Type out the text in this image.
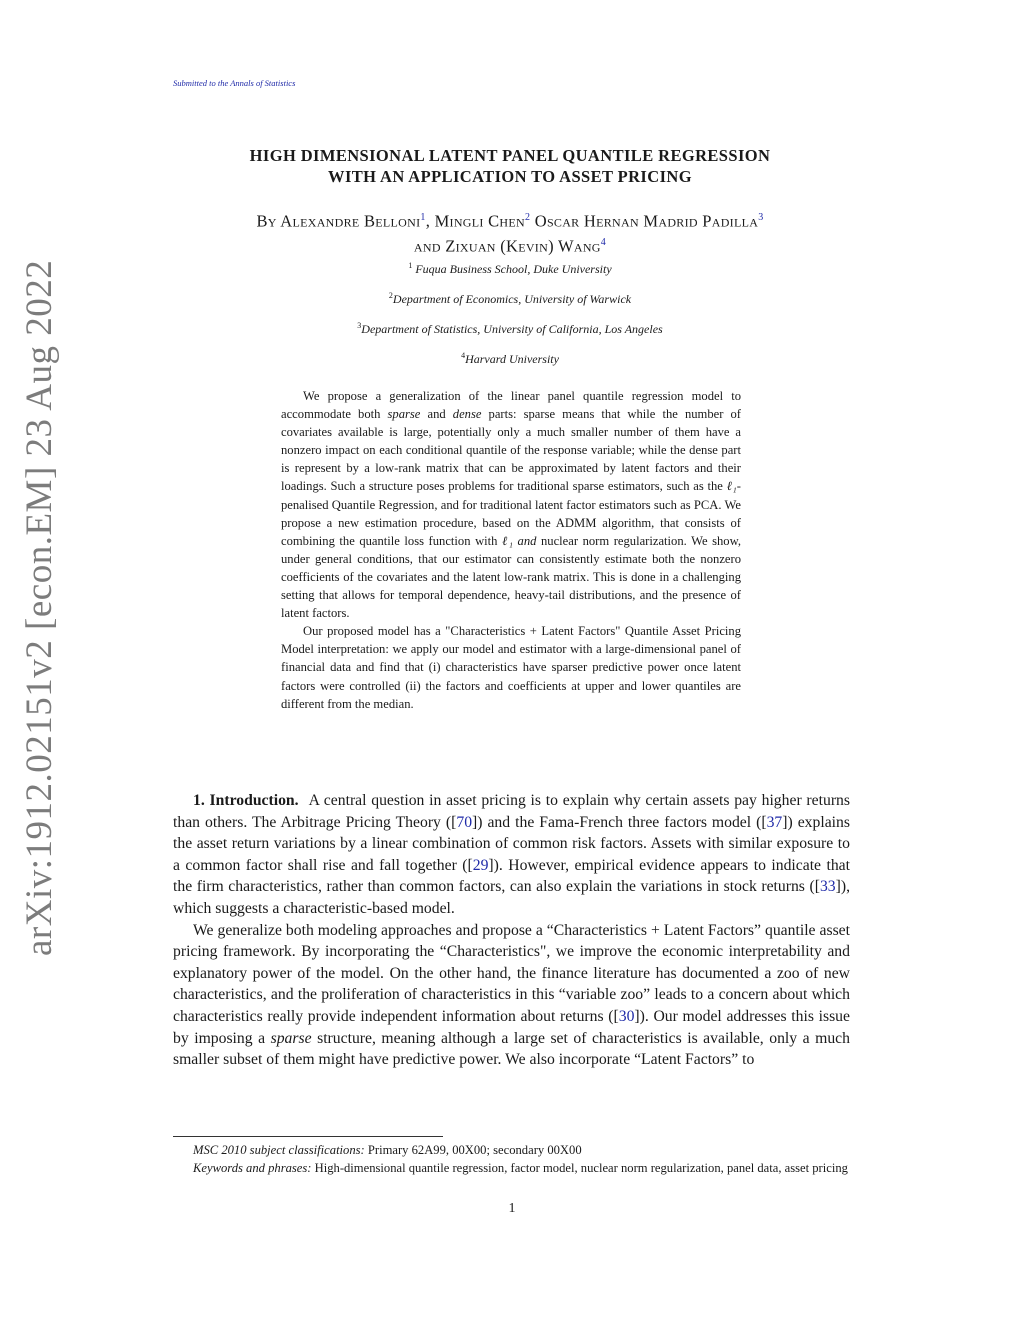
Submitted to the Annals of Statistics
arXiv:1912.02151v2 [econ.EM] 23 Aug 2022
HIGH DIMENSIONAL LATENT PANEL QUANTILE REGRESSION
WITH AN APPLICATION TO ASSET PRICING
By Alexandre Belloni$^1$, Mingli Chen$^2$ Oscar Hernan Madrid Padilla$^3$
and Zixuan (Kevin) Wang$^4$
$^1$ Fuqua Business School, Duke University
$^2$Department of Economics, University of Warwick
$^3$Department of Statistics, University of California, Los Angeles
$^4$Harvard University

We propose a generalization of the linear panel quantile regression model to accommodate both sparse and dense parts: sparse means that while the number of covariates available is large, potentially only a much smaller number of them have a nonzero impact on each conditional quantile of the response variable; while the dense part is represent by a low-rank matrix that can be approximated by latent factors and their loadings. Such a structure poses problems for traditional sparse estimators, such as the ℓ₁-penalised Quantile Regression, and for traditional latent factor estimators such as PCA. We propose a new estimation procedure, based on the ADMM algorithm, that consists of combining the quantile loss function with ℓ₁ and nuclear norm regularization. We show, under general conditions, that our estimator can consistently estimate both the nonzero coefficients of the covariates and the latent low-rank matrix. This is done in a challenging setting that allows for temporal dependence, heavy-tail distributions, and the presence of latent factors.

Our proposed model has a "Characteristics + Latent Factors" Quantile Asset Pricing Model interpretation: we apply our model and estimator with a large-dimensional panel of financial data and find that (i) characteristics have sparser predictive power once latent factors were controlled (ii) the factors and coefficients at upper and lower quantiles are different from the median.

1. Introduction. A central question in asset pricing is to explain why certain assets pay higher returns than others. The Arbitrage Pricing Theory ([70]) and the Fama-French three factors model ([37]) explains the asset return variations by a linear combination of common risk factors. Assets with similar exposure to a common factor shall rise and fall together ([29]). However, empirical evidence appears to indicate that the firm characteristics, rather than common factors, can also explain the variations in stock returns ([33]), which suggests a characteristic-based model.

We generalize both modeling approaches and propose a “Characteristics + Latent Factors” quantile asset pricing framework. By incorporating the “Characteristics", we improve the economic interpretability and explanatory power of the model. On the other hand, the finance literature has documented a zoo of new characteristics, and the proliferation of characteristics in this “variable zoo” leads to a concern about which characteristics really provide independent information about returns ([30]). Our model addresses this issue by imposing a sparse structure, meaning although a large set of characteristics is available, only a much smaller subset of them might have predictive power. We also incorporate “Latent Factors” to

MSC 2010 subject classifications: Primary 62A99, 00X00; secondary 00X00

Keywords and phrases: High-dimensional quantile regression, factor model, nuclear norm regularization, panel data, asset pricing

1
